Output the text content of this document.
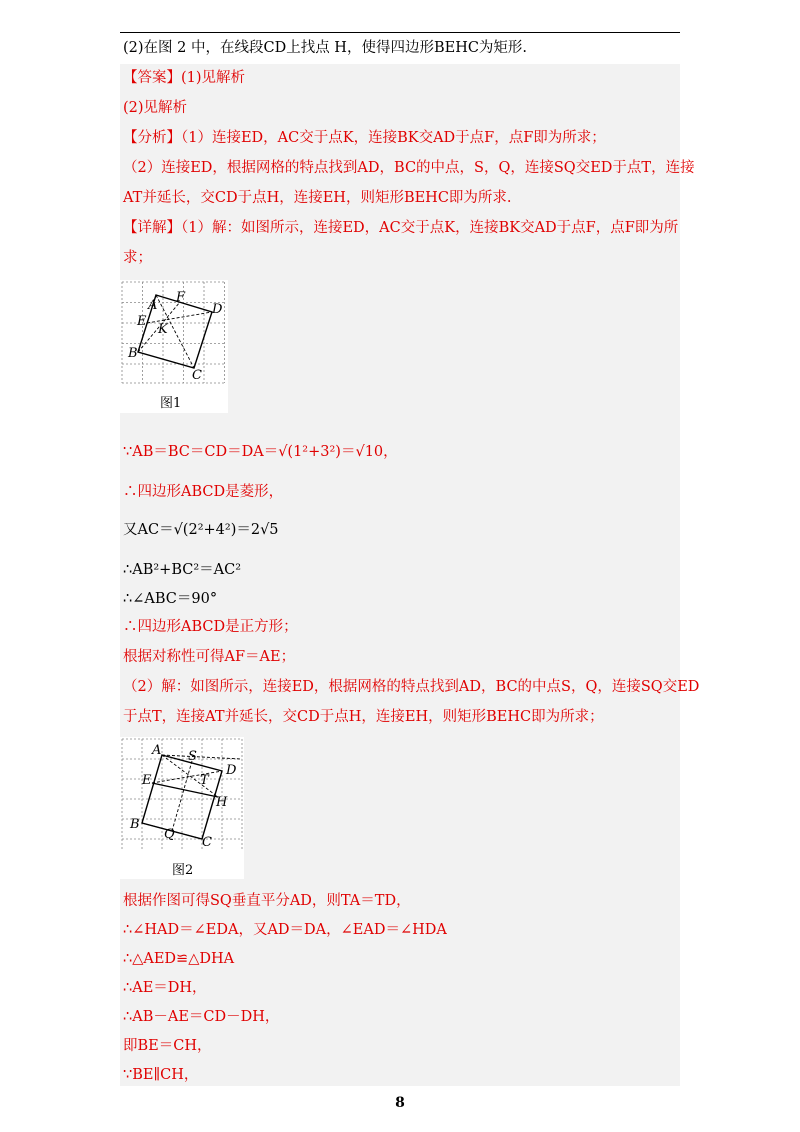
(2)在图 2 中，在线段CD上找点 H，使得四边形BEHC为矩形.
【答案】(1)见解析
(2)见解析
【分析】（1）连接ED，AC交于点K，连接BK交AD于点F，点F即为所求；
（2）连接ED，根据网格的特点找到AD，BC的中点，S，Q，连接SQ交ED于点T，连接
AT并延长，交CD于点H，连接EH，则矩形BEHC即为所求.
【详解】（1）解：如图所示，连接ED，AC交于点K，连接BK交AD于点F，点F即为所
求；
A
F
D
E
K
B
C
图1
∵AB＝BC＝CD＝DA＝√(1²+3²)＝√10，
∴四边形ABCD是菱形，
又AC＝√(2²+4²)＝2√5
∴AB²+BC²＝AC²
∴∠ABC＝90°
∴四边形ABCD是正方形；
根据对称性可得AF＝AE；
（2）解：如图所示，连接ED，根据网格的特点找到AD，BC的中点S，Q，连接SQ交ED
于点T，连接AT并延长，交CD于点H，连接EH，则矩形BEHC即为所求；
A S
E	T
D
H
B
Q
C
图2
根据作图可得SQ垂直平分AD，则TA＝TD，
∴∠HAD＝∠EDA，又AD＝DA，∠EAD＝∠HDA
∴△AED≌△DHA
∴AE＝DH，
∴AB－AE＝CD－DH，
即BE＝CH，
∵BE∥CH，
8
